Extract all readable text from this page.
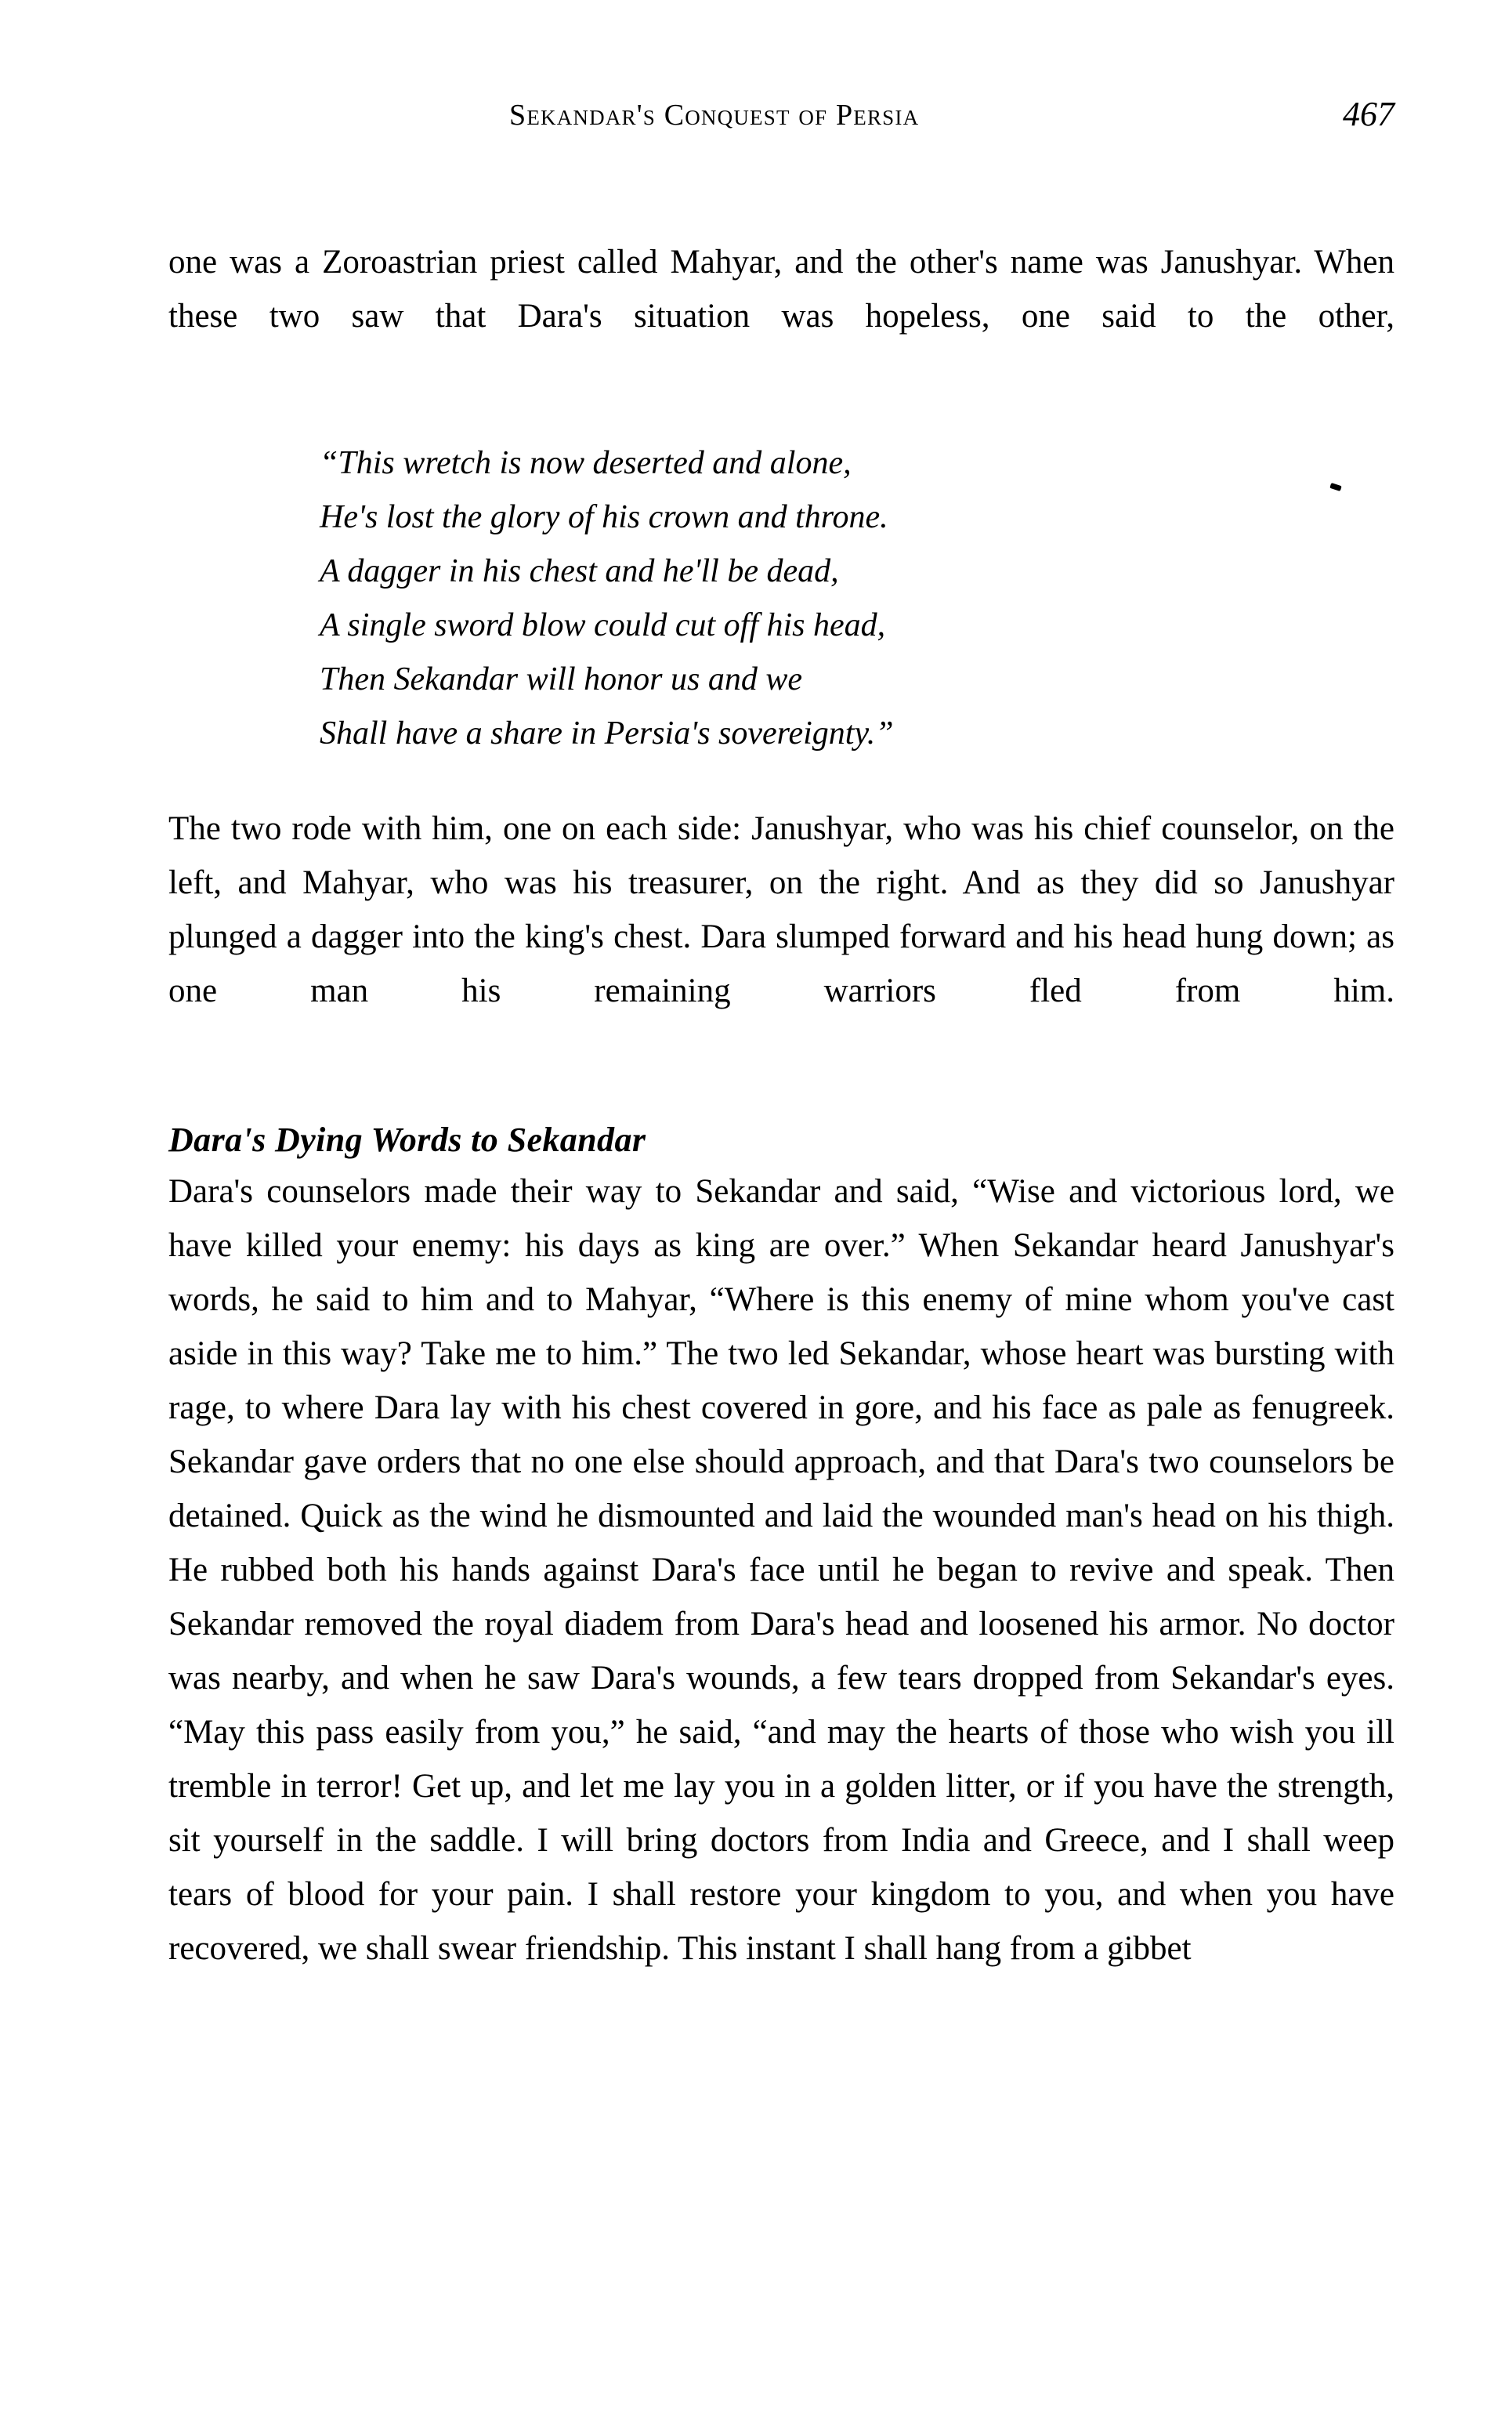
Sekandar's Conquest of Persia	467

one was a Zoroastrian priest called Mahyar, and the other's name was Janushyar. When these two saw that Dara's situation was hopeless, one said to the other,

“This wretch is now deserted and alone,
He's lost the glory of his crown and throne.
A dagger in his chest and he'll be dead,
A single sword blow could cut off his head,
Then Sekandar will honor us and we
Shall have a share in Persia's sovereignty.”

The two rode with him, one on each side: Janushyar, who was his chief counselor, on the left, and Mahyar, who was his treasurer, on the right. And as they did so Janushyar plunged a dagger into the king's chest. Dara slumped forward and his head hung down; as one man his remaining warriors fled from him.

Dara's Dying Words to Sekandar

Dara's counselors made their way to Sekandar and said, “Wise and victorious lord, we have killed your enemy: his days as king are over.” When Sekandar heard Janushyar's words, he said to him and to Mahyar, “Where is this enemy of mine whom you've cast aside in this way? Take me to him.” The two led Sekandar, whose heart was bursting with rage, to where Dara lay with his chest covered in gore, and his face as pale as fenugreek. Sekandar gave orders that no one else should approach, and that Dara's two counselors be detained. Quick as the wind he dismounted and laid the wounded man's head on his thigh. He rubbed both his hands against Dara's face until he began to revive and speak. Then Sekandar removed the royal diadem from Dara's head and loosened his armor. No doctor was nearby, and when he saw Dara's wounds, a few tears dropped from Sekandar's eyes. “May this pass easily from you,” he said, “and may the hearts of those who wish you ill tremble in terror! Get up, and let me lay you in a golden litter, or if you have the strength, sit yourself in the saddle. I will bring doctors from India and Greece, and I shall weep tears of blood for your pain. I shall restore your kingdom to you, and when you have recovered, we shall swear friendship. This instant I shall hang from a gibbet
